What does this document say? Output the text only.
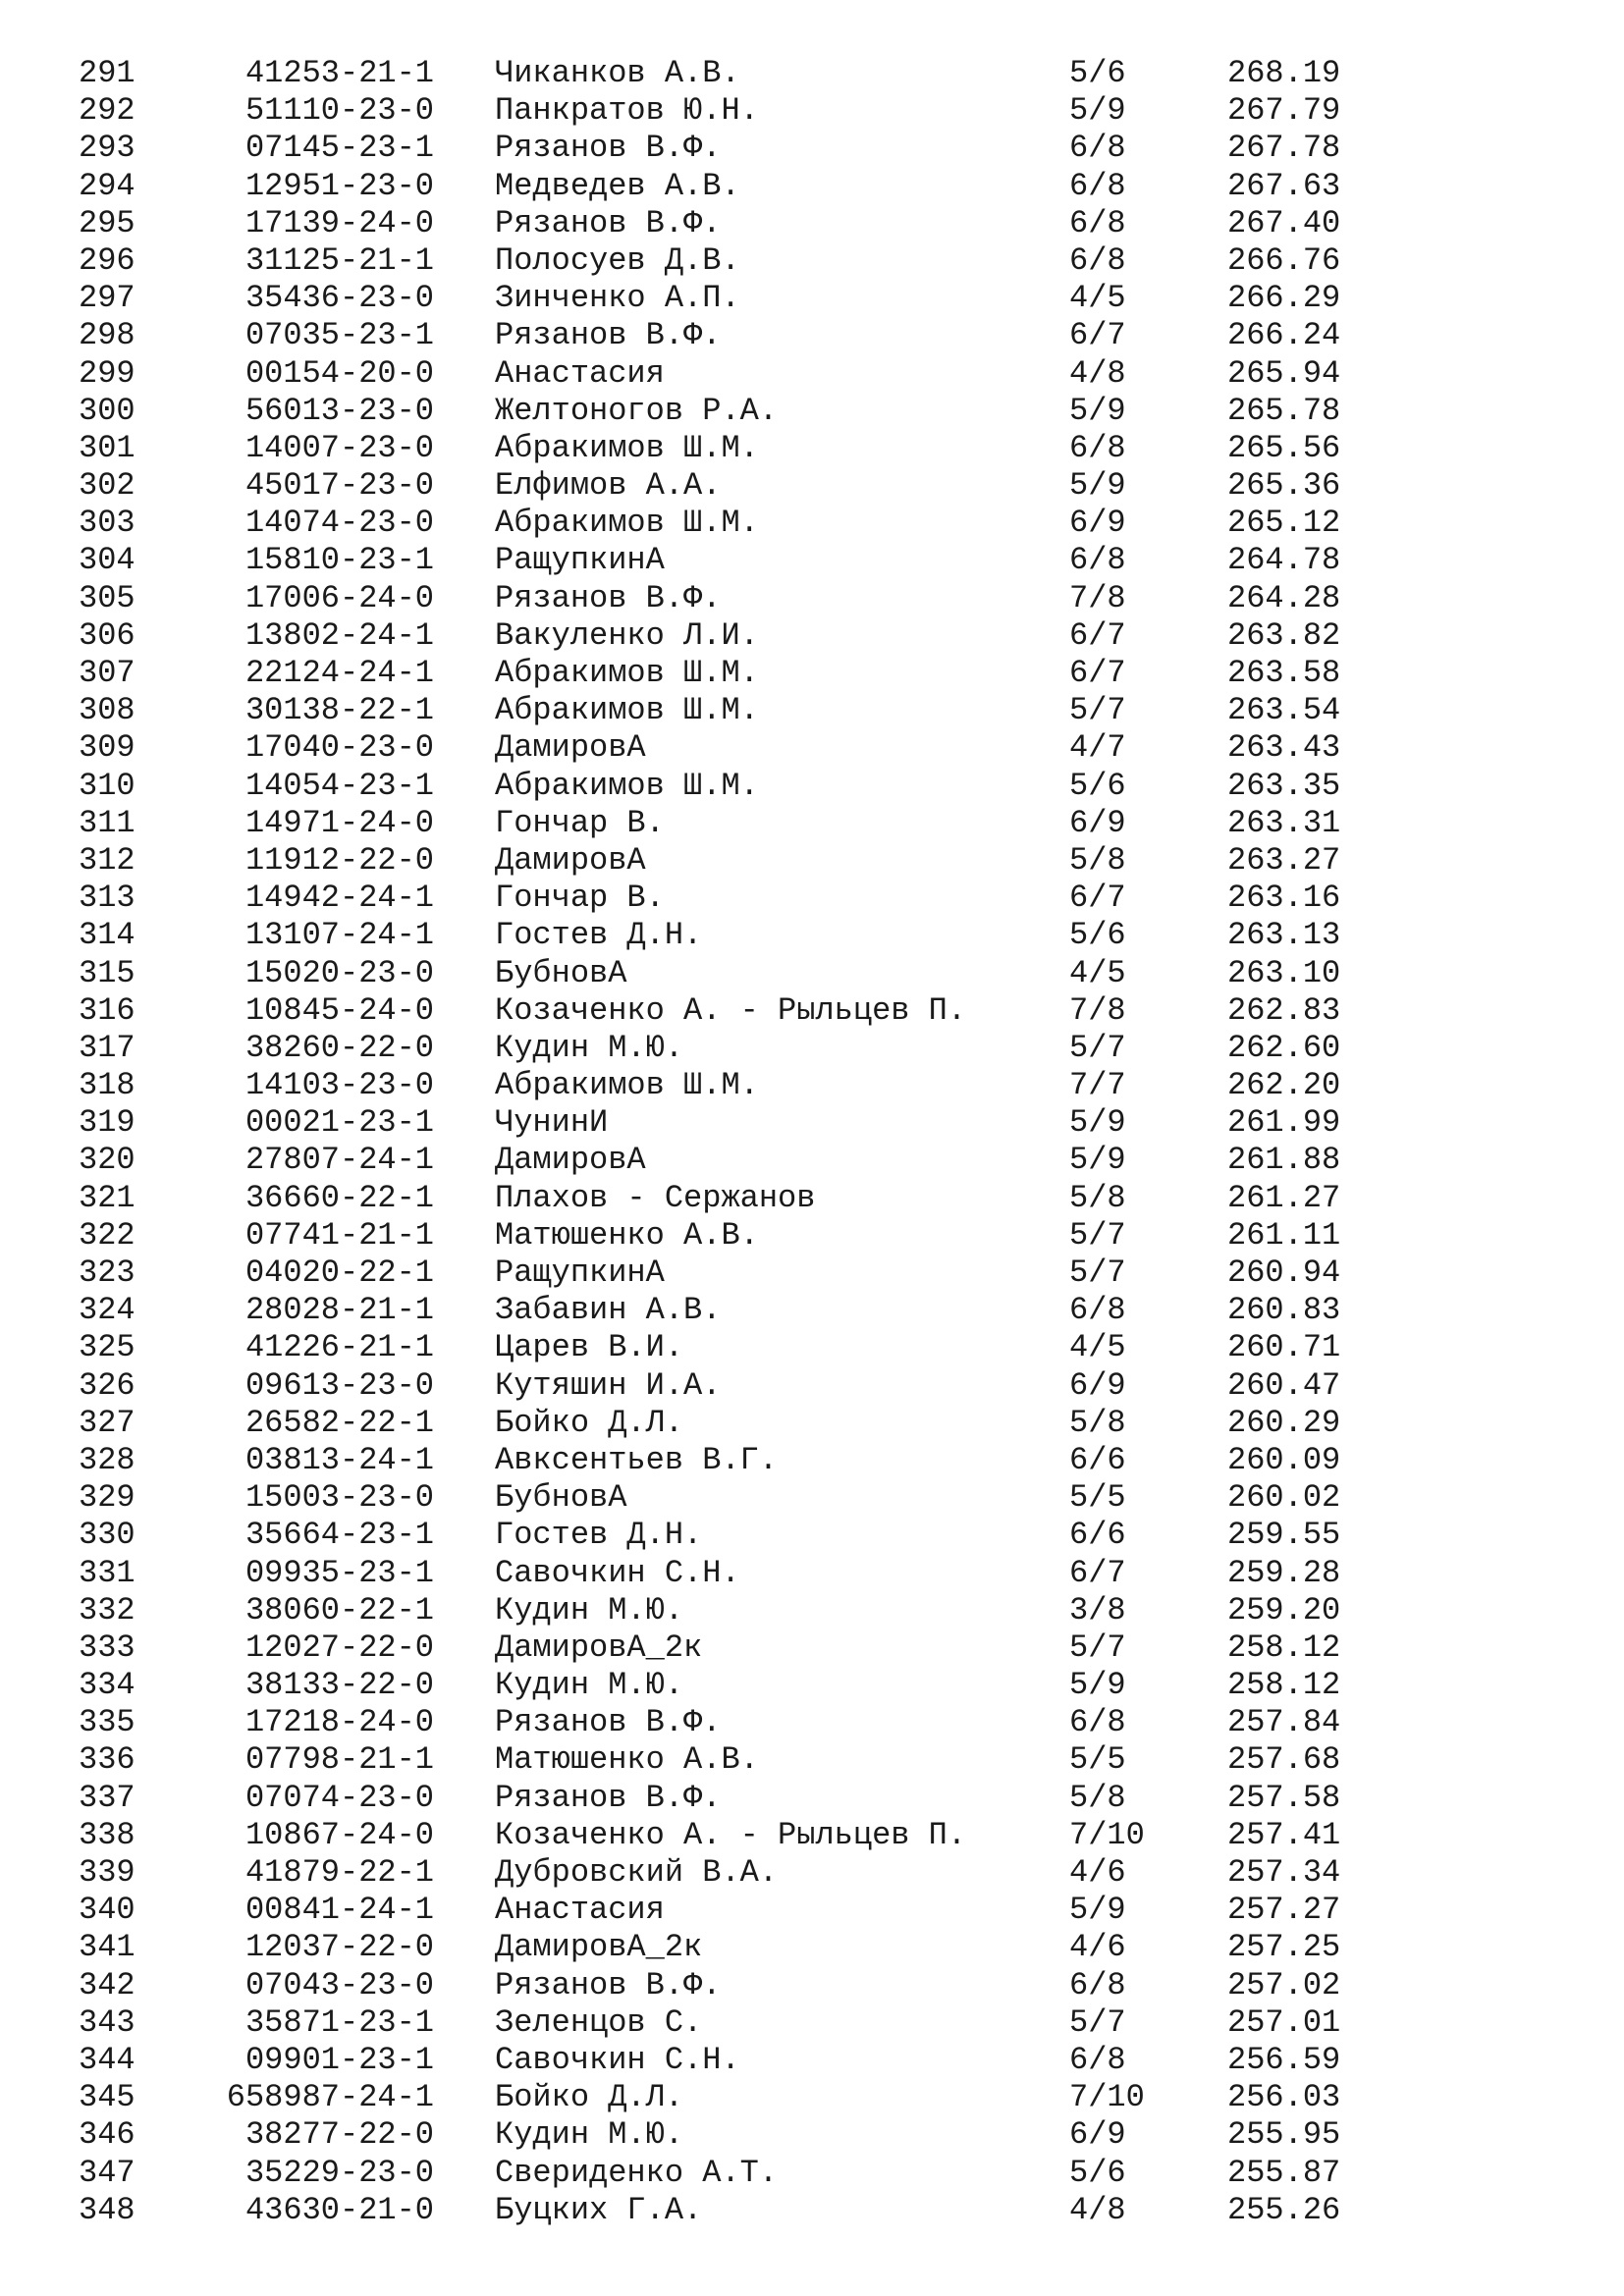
291	41253-21-1 Чиканков А.В.	5/6	268.19
292	51110-23-0 Панкратов Ю.Н.	5/9	267.79
293	07145-23-1 Рязанов В.Ф.	6/8	267.78
294	12951-23-0 Медведев А.В.	6/8	267.63
295	17139-24-0 Рязанов В.Ф.	6/8	267.40
296	31125-21-1 Полосуев Д.В.	6/8	266.76
297	35436-23-0 Зинченко А.П.	4/5	266.29
298	07035-23-1 Рязанов В.Ф.	6/7	266.24
299	00154-20-0 Анастасия	4/8	265.94
300	56013-23-0 Желтоногов Р.А.	5/9	265.78
301	14007-23-0 Абракимов Ш.М.	6/8	265.56
302	45017-23-0 Елфимов А.А.	5/9	265.36
303	14074-23-0 Абракимов Ш.М.	6/9	265.12
304	15810-23-1 РащупкинА	6/8	264.78
305	17006-24-0 Рязанов В.Ф.	7/8	264.28
306	13802-24-1 Вакуленко Л.И.	6/7	263.82
307	22124-24-1 Абракимов Ш.М.	6/7	263.58
308	30138-22-1 Абракимов Ш.М.	5/7	263.54
309	17040-23-0 ДамировА	4/7	263.43
310	14054-23-1 Абракимов Ш.М.	5/6	263.35
311	14971-24-0 Гончар В.	6/9	263.31
312	11912-22-0 ДамировА	5/8	263.27
313	14942-24-1 Гончар В.	6/7	263.16
314	13107-24-1 Гостев Д.Н.	5/6	263.13
315	15020-23-0 БубновА	4/5	263.10
316	10845-24-0 Козаченко А. - Рыльцев П.	7/8	262.83
317	38260-22-0 Кудин М.Ю.	5/7	262.60
318	14103-23-0 Абракимов Ш.М.	7/7	262.20
319	00021-23-1 ЧунинИ	5/9	261.99
320	27807-24-1 ДамировА	5/9	261.88
321	36660-22-1 Плахов - Сержанов	5/8	261.27
322	07741-21-1 Матюшенко А.В.	5/7	261.11
323	04020-22-1 РащупкинА	5/7	260.94
324	28028-21-1 Забавин А.В.	6/8	260.83
325	41226-21-1 Царев В.И.	4/5	260.71
326	09613-23-0 Кутяшин И.А.	6/9	260.47
327	26582-22-1 Бойко Д.Л.	5/8	260.29
328	03813-24-1 Авксентьев В.Г.	6/6	260.09
329	15003-23-0 БубновА	5/5	260.02
330	35664-23-1 Гостев Д.Н.	6/6	259.55
331	09935-23-1 Савочкин С.Н.	6/7	259.28
332	38060-22-1 Кудин М.Ю.	3/8	259.20
333	12027-22-0 ДамировА_2к	5/7	258.12
334	38133-22-0 Кудин М.Ю.	5/9	258.12
335	17218-24-0 Рязанов В.Ф.	6/8	257.84
336	07798-21-1 Матюшенко А.В.	5/5	257.68
337	07074-23-0 Рязанов В.Ф.	5/8	257.58
338	10867-24-0 Козаченко А. - Рыльцев П.	7/10	257.41
339	41879-22-1 Дубровский В.А.	4/6	257.34
340	00841-24-1 Анастасия	5/9	257.27
341	12037-22-0 ДамировА_2к	4/6	257.25
342	07043-23-0 Рязанов В.Ф.	6/8	257.02
343	35871-23-1 Зеленцов С.	5/7	257.01
344	09901-23-1 Савочкин С.Н.	6/8	256.59
345	658987-24-1 Бойко Д.Л.	7/10	256.03
346	38277-22-0 Кудин М.Ю.	6/9	255.95
347	35229-23-0 Свериденко А.Т.	5/6	255.87
348	43630-21-0 Буцких Г.А.	4/8	255.26
